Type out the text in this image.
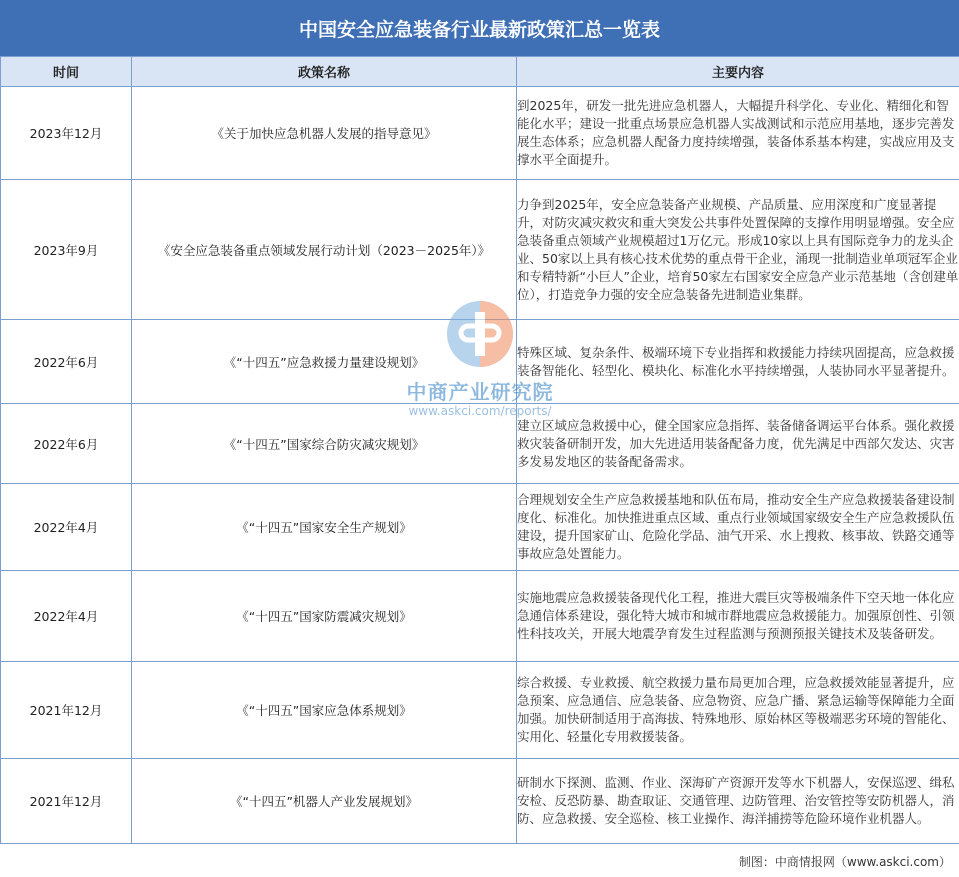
中国安全应急装备行业最新政策汇总一览表
时间	政策名称	主要内容
2023年12月	《关于加快应急机器人发展的指导意见》	到2025年，研发一批先进应急机器人，大幅提升科学化、专业化、精细化和智能化水平；建设一批重点场景应急机器人实战测试和示范应用基地，逐步完善发展生态体系；应急机器人配备力度持续增强，装备体系基本构建，实战应用及支撑水平全面提升。
2023年9月	《安全应急装备重点领域发展行动计划（2023－2025年）》	力争到2025年，安全应急装备产业规模、产品质量、应用深度和广度显著提升，对防灾减灾救灾和重大突发公共事件处置保障的支撑作用明显增强。安全应急装备重点领域产业规模超过1万亿元。形成10家以上具有国际竞争力的龙头企业、50家以上具有核心技术优势的重点骨干企业，涌现一批制造业单项冠军企业和专精特新“小巨人”企业，培育50家左右国家安全应急产业示范基地（含创建单位），打造竞争力强的安全应急装备先进制造业集群。
2022年6月	《“十四五”应急救援力量建设规划》	特殊区域、复杂条件、极端环境下专业指挥和救援能力持续巩固提高，应急救援装备智能化、轻型化、模块化、标准化水平持续增强，人装协同水平显著提升。
2022年6月	《“十四五”国家综合防灾减灾规划》	建立区域应急救援中心，健全国家应急指挥、装备储备调运平台体系。强化救援救灾装备研制开发，加大先进适用装备配备力度，优先满足中西部欠发达、灾害多发易发地区的装备配备需求。
2022年4月	《“十四五”国家安全生产规划》	合理规划安全生产应急救援基地和队伍布局，推动安全生产应急救援装备建设制度化、标准化。加快推进重点区域、重点行业领域国家级安全生产应急救援队伍建设，提升国家矿山、危险化学品、油气开采、水上搜救、核事故、铁路交通等事故应急处置能力。
2022年4月	《“十四五”国家防震减灾规划》	实施地震应急救援装备现代化工程，推进大震巨灾等极端条件下空天地一体化应急通信体系建设，强化特大城市和城市群地震应急救援能力。加强原创性、引领性科技攻关，开展大地震孕育发生过程监测与预测预报关键技术及装备研发。
2021年12月	《“十四五”国家应急体系规划》	综合救援、专业救援、航空救援力量布局更加合理，应急救援效能显著提升，应急预案、应急通信、应急装备、应急物资、应急广播、紧急运输等保障能力全面加强。加快研制适用于高海拔、特殊地形、原始林区等极端恶劣环境的智能化、实用化、轻量化专用救援装备。
2021年12月	《“十四五”机器人产业发展规划》	研制水下探测、监测、作业、深海矿产资源开发等水下机器人，安保巡逻、缉私安检、反恐防暴、勘查取证、交通管理、边防管理、治安管控等安防机器人，消防、应急救援、安全巡检、核工业操作、海洋捕捞等危险环境作业机器人。
中商产业研究院
www.askci.com/reports/
制图：中商情报网（www.askci.com）
